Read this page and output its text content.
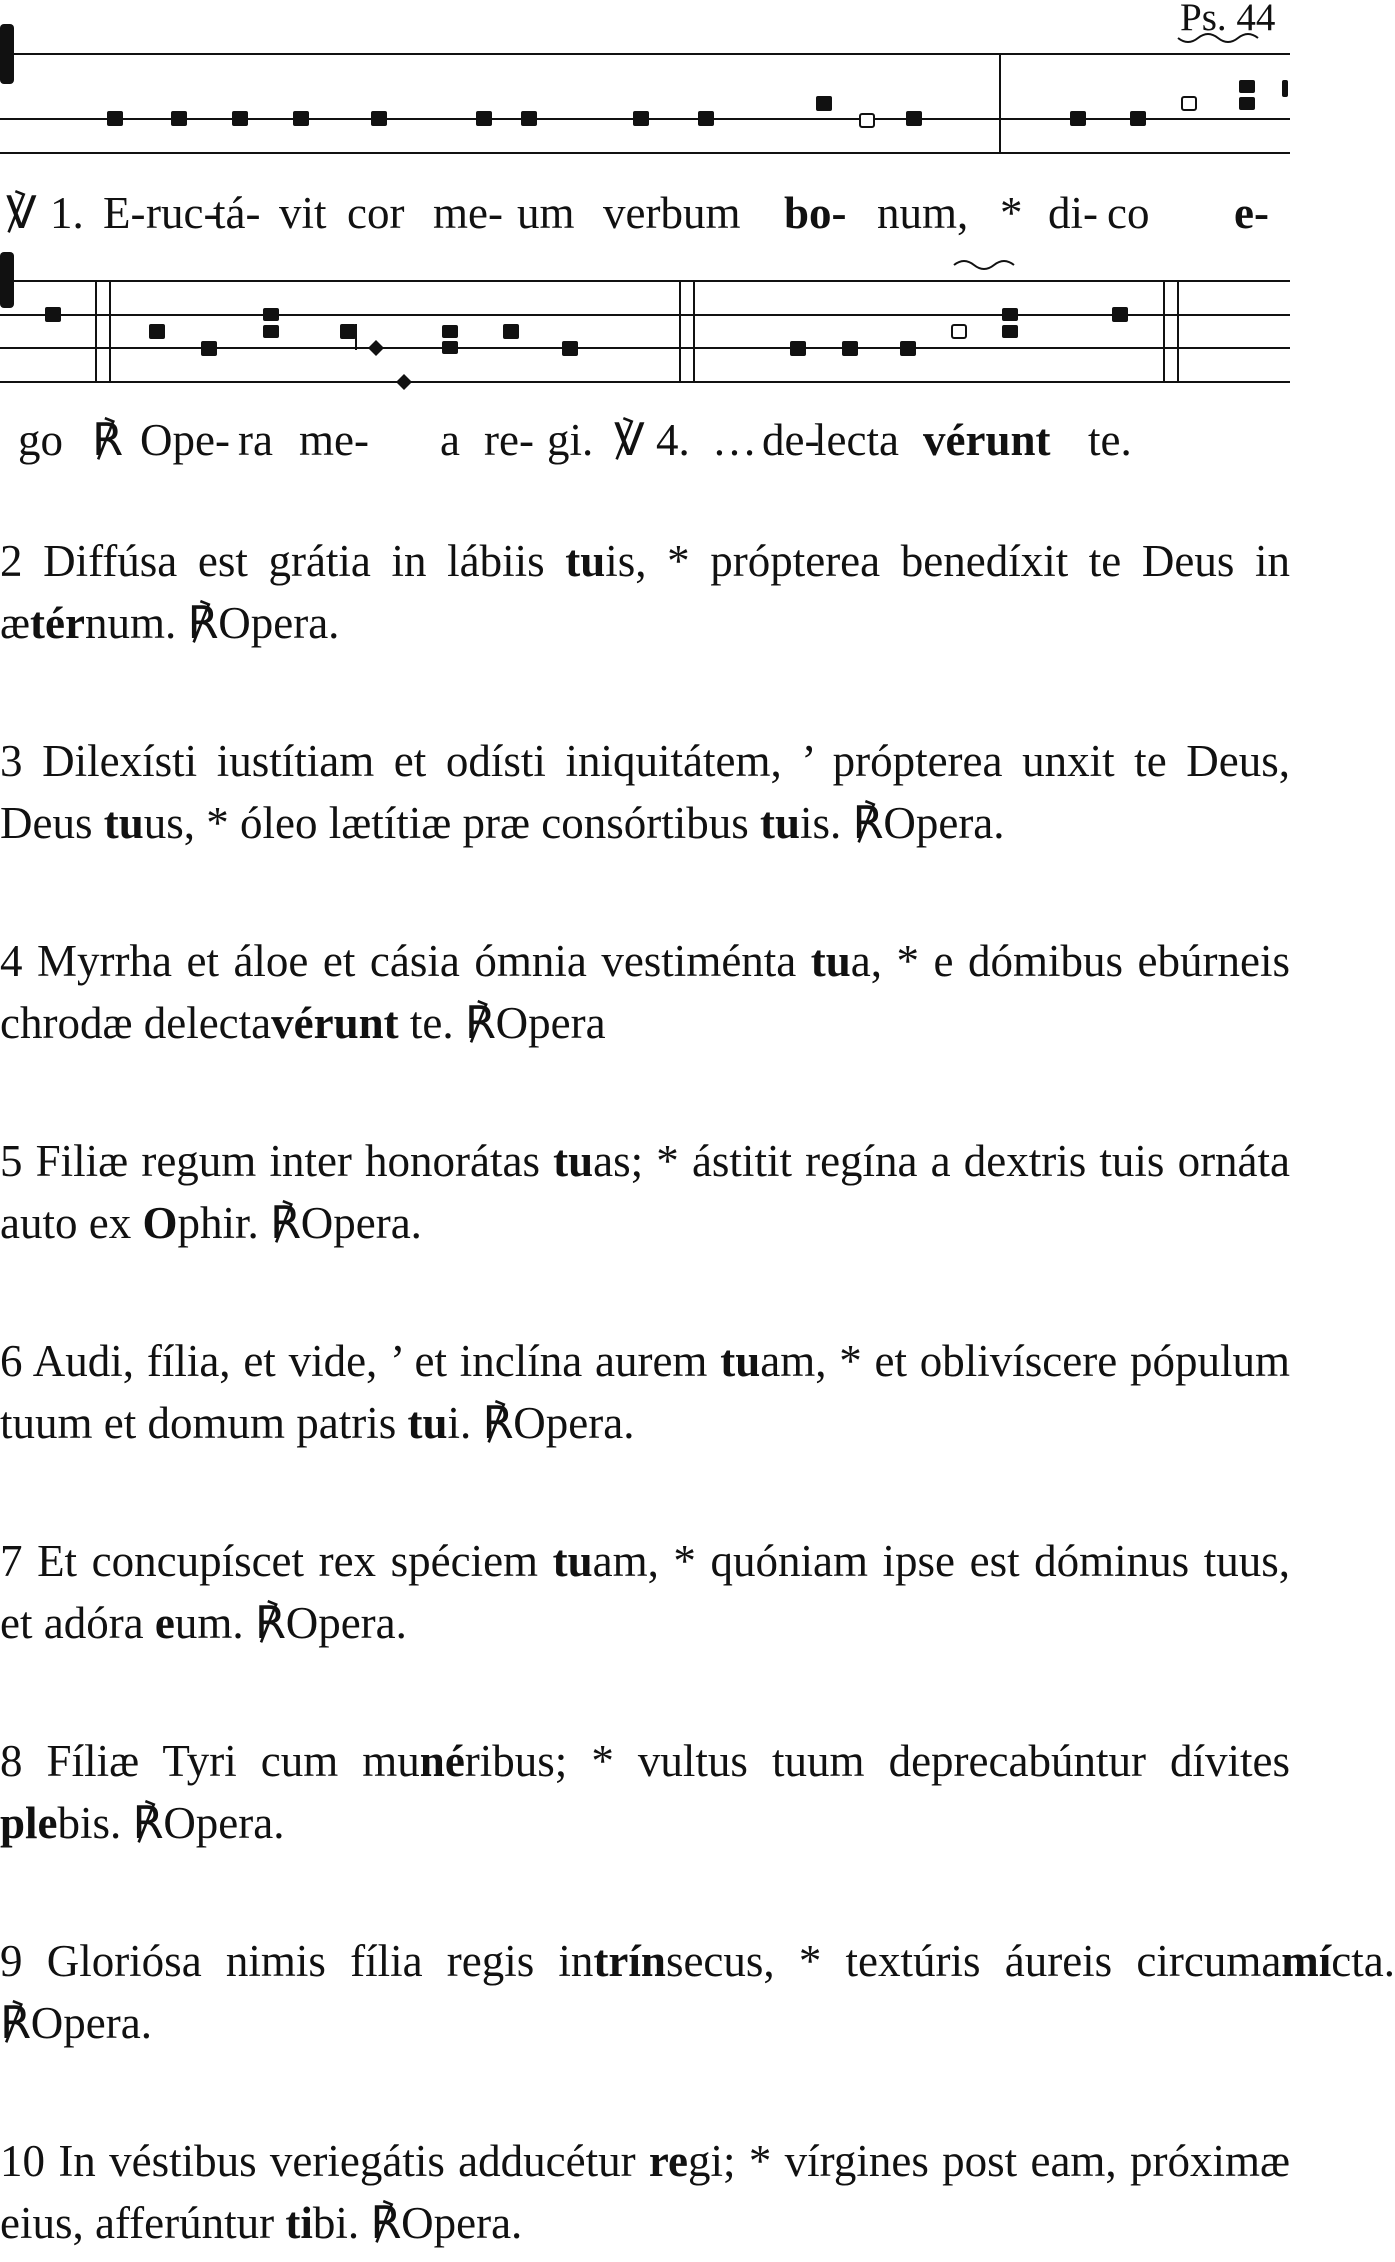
Ps. 44
℣ 1. E- ruc-
tá- vit cor me- um verbum bo- num, * di- co e-
go ℟ Ope- ra me- a re- gi. ℣ 4. … de-
lecta vérunt te.

2 Diffúsa est grátia in lábiis tuis, * própterea benedíxit te Deus in ætérnum. ℟Opera.

3 Dilexísti iustítiam et odísti iniquitátem, ’ própterea unxit te Deus, Deus tuus, * óleo lætítiæ præ consórtibus tuis. ℟Opera.

4 Myrrha et áloe et cásia ómnia vestiménta tua, * e dómibus ebúrneis chrodæ delectavérunt te. ℟Opera

5 Filiæ regum inter honorátas tuas; * ástitit regína a dextris tuis ornáta auto ex Ophir. ℟Opera.

6 Audi, fília, et vide, ’ et inclína aurem tuam, * et oblivíscere pópulum tuum et domum patris tui. ℟Opera.

7 Et concupíscet rex spéciem tuam, * quóniam ipse est dóminus tuus, et adóra eum. ℟Opera.

8 Fíliæ Tyri cum munéribus; * vultus tuum deprecabúntur dívites plebis. ℟Opera.

9 Gloriósa nimis fília regis intrínsecus, * textúris áureis circumamícta. ℟Opera.

10 In véstibus veriegátis adducétur regi; * vírgines post eam, próximæ eius, afferúntur tibi. ℟Opera.
